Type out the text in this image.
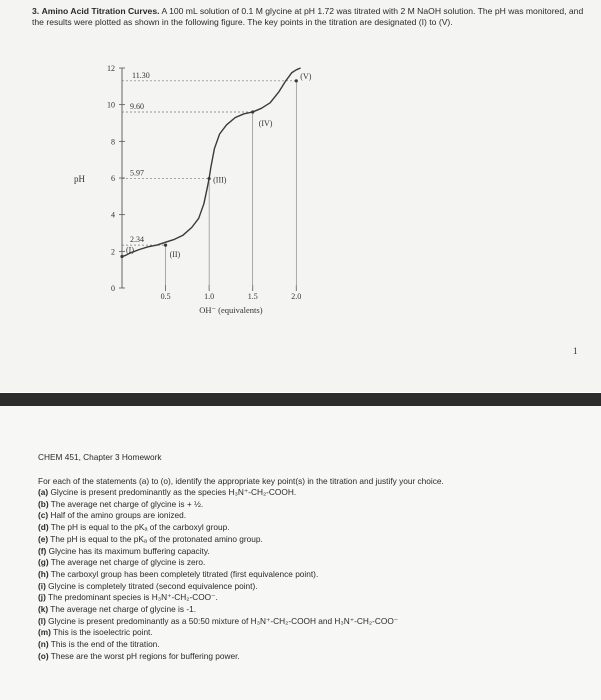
3. Amino Acid Titration Curves. A 100 mL solution of 0.1 M glycine at pH 1.72 was titrated with 2 M NaOH solution. The pH was monitored, and the results were plotted as shown in the following figure. The key points in the titration are designated (I) to (V).
0
2
4
6
8
10
12
pH
0.5	1.0	1.5	2.0
OH⁻ (equivalents)
2.34
5.97
9.60
11.30
(I)
(II)
(III)
(IV)
(V)
1
CHEM 451, Chapter 3 Homework
For each of the statements (a) to (o), identify the appropriate key point(s) in the titration and justify your choice.
(a) Glycine is present predominantly as the species H₃N⁺-CH₂-COOH.
(b) The average net charge of glycine is + ½.
(c) Half of the amino groups are ionized.
(d) The pH is equal to the pKₐ of the carboxyl group.
(e) The pH is equal to the pKₐ of the protonated amino group.
(f) Glycine has its maximum buffering capacity.
(g) The average net charge of glycine is zero.
(h) The carboxyl group has been completely titrated (first equivalence point).
(i) Glycine is completely titrated (second equivalence point).
(j) The predominant species is H₃N⁺-CH₂-COO⁻.
(k) The average net charge of glycine is -1.
(l) Glycine is present predominantly as a 50:50 mixture of H₃N⁺-CH₂-COOH and H₃N⁺-CH₂-COO⁻
(m) This is the isoelectric point.
(n) This is the end of the titration.
(o) These are the worst pH regions for buffering power.
